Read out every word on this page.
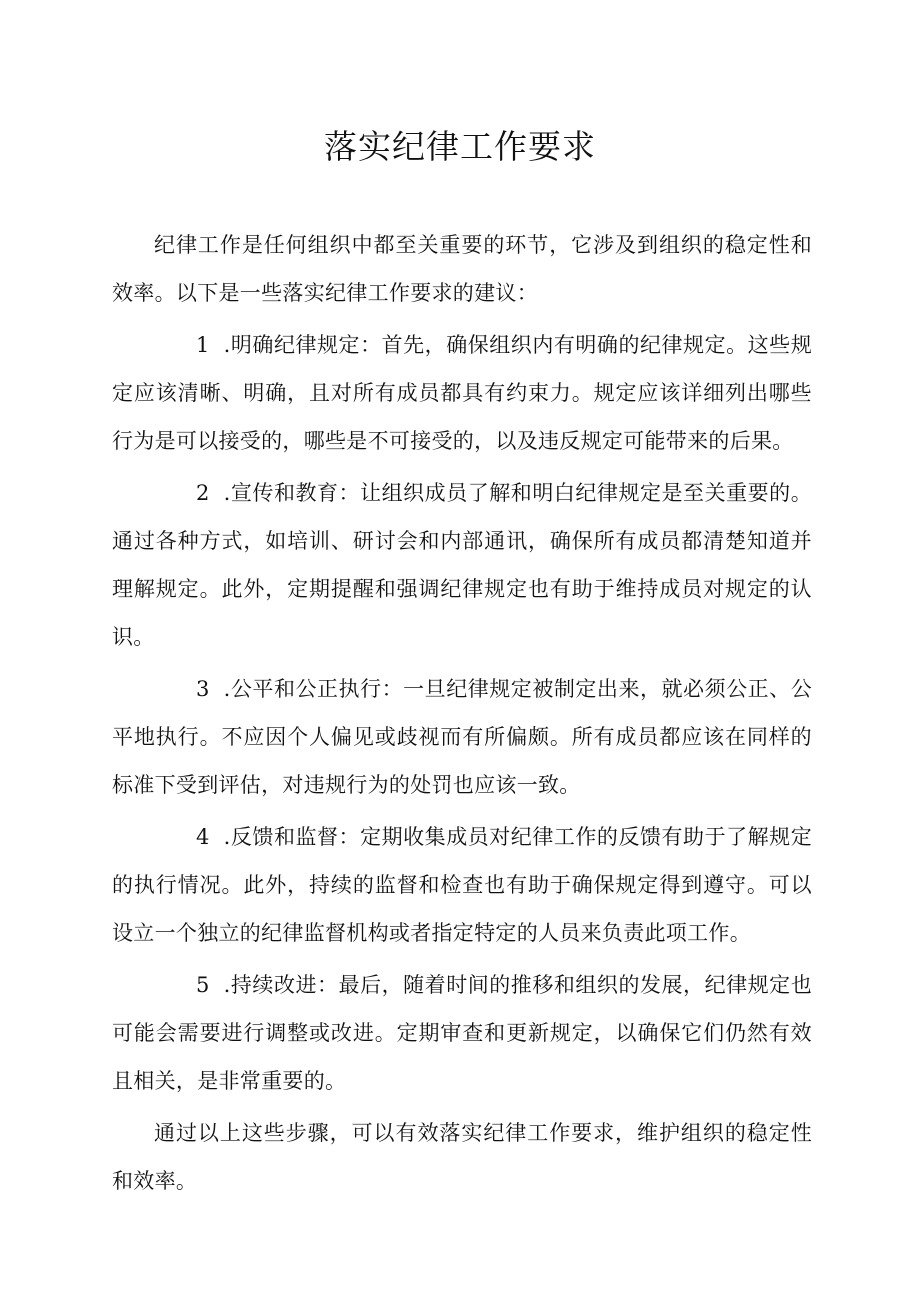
落实纪律工作要求

纪律工作是任何组织中都至关重要的环节，它涉及到组织的稳定性和效率。以下是一些落实纪律工作要求的建议：

1 .明确纪律规定：首先，确保组织内有明确的纪律规定。这些规定应该清晰、明确，且对所有成员都具有约束力。规定应该详细列出哪些行为是可以接受的，哪些是不可接受的，以及违反规定可能带来的后果。

2 .宣传和教育：让组织成员了解和明白纪律规定是至关重要的。通过各种方式，如培训、研讨会和内部通讯，确保所有成员都清楚知道并理解规定。此外，定期提醒和强调纪律规定也有助于维持成员对规定的认识。

3 .公平和公正执行：一旦纪律规定被制定出来，就必须公正、公平地执行。不应因个人偏见或歧视而有所偏颇。所有成员都应该在同样的标准下受到评估，对违规行为的处罚也应该一致。

4 .反馈和监督：定期收集成员对纪律工作的反馈有助于了解规定的执行情况。此外，持续的监督和检查也有助于确保规定得到遵守。可以设立一个独立的纪律监督机构或者指定特定的人员来负责此项工作。

5 .持续改进：最后，随着时间的推移和组织的发展，纪律规定也可能会需要进行调整或改进。定期审查和更新规定，以确保它们仍然有效且相关，是非常重要的。

通过以上这些步骤，可以有效落实纪律工作要求，维护组织的稳定性和效率。
